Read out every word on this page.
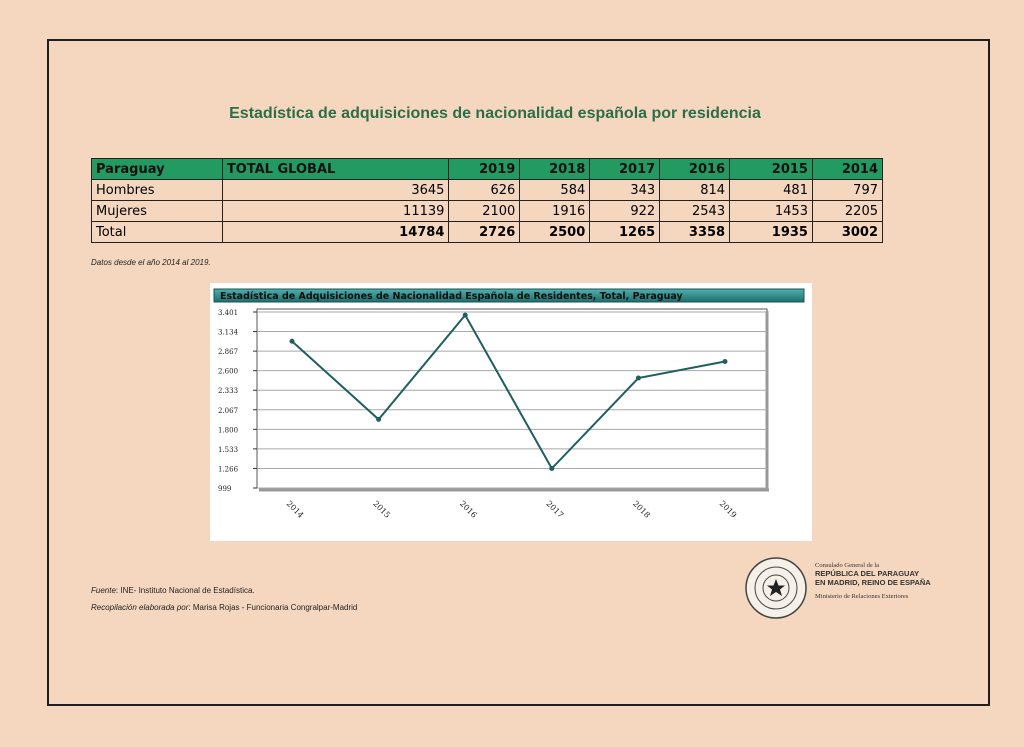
Estadística de adquisiciones de nacionalidad española por residencia
Paraguay	TOTAL GLOBAL	2019	2018	2017	2016	2015	2014
Hombres	3645	626	584	343	814	481	797
Mujeres	11139	2100	1916	922	2543	1453	2205
Total	14784	2726	2500	1265	3358	1935	3002
Datos desde el año 2014 al 2019.
Estadística de Adquisiciones de Nacionalidad Española de Residentes, Total, Paraguay
3.401
3.134
2.867
2.600
2.333
2.067
1.800
1.533
1.266
999
2014	2015	2016	2017	2018	2019
Fuente: INE- Instituto Nacional de Estadística.
Recopilación elaborada por: Marisa Rojas - Funcionaria Congralpar-Madrid
Consulado General de la
REPÚBLICA DEL PARAGUAY
EN MADRID, REINO DE ESPAÑA
Ministerio de Relaciones Exteriores
